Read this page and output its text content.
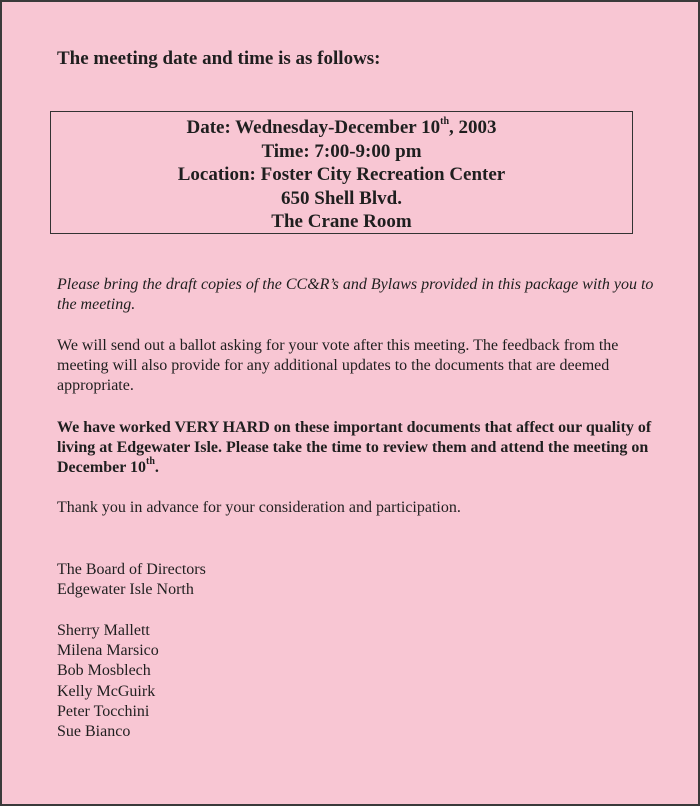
The meeting date and time is as follows:
Date: Wednesday-December 10th, 2003
Time: 7:00-9:00 pm
Location: Foster City Recreation Center
650 Shell Blvd.
The Crane Room

Please bring the draft copies of the CC&R’s and Bylaws provided in this package with you to the meeting.

We will send out a ballot asking for your vote after this meeting. The feedback from the meeting will also provide for any additional updates to the documents that are deemed appropriate.

We have worked VERY HARD on these important documents that affect our quality of living at Edgewater Isle. Please take the time to review them and attend the meeting on December 10th.

Thank you in advance for your consideration and participation.

The Board of Directors
Edgewater Isle North
Sherry Mallett
Milena Marsico
Bob Mosblech
Kelly McGuirk
Peter Tocchini
Sue Bianco
